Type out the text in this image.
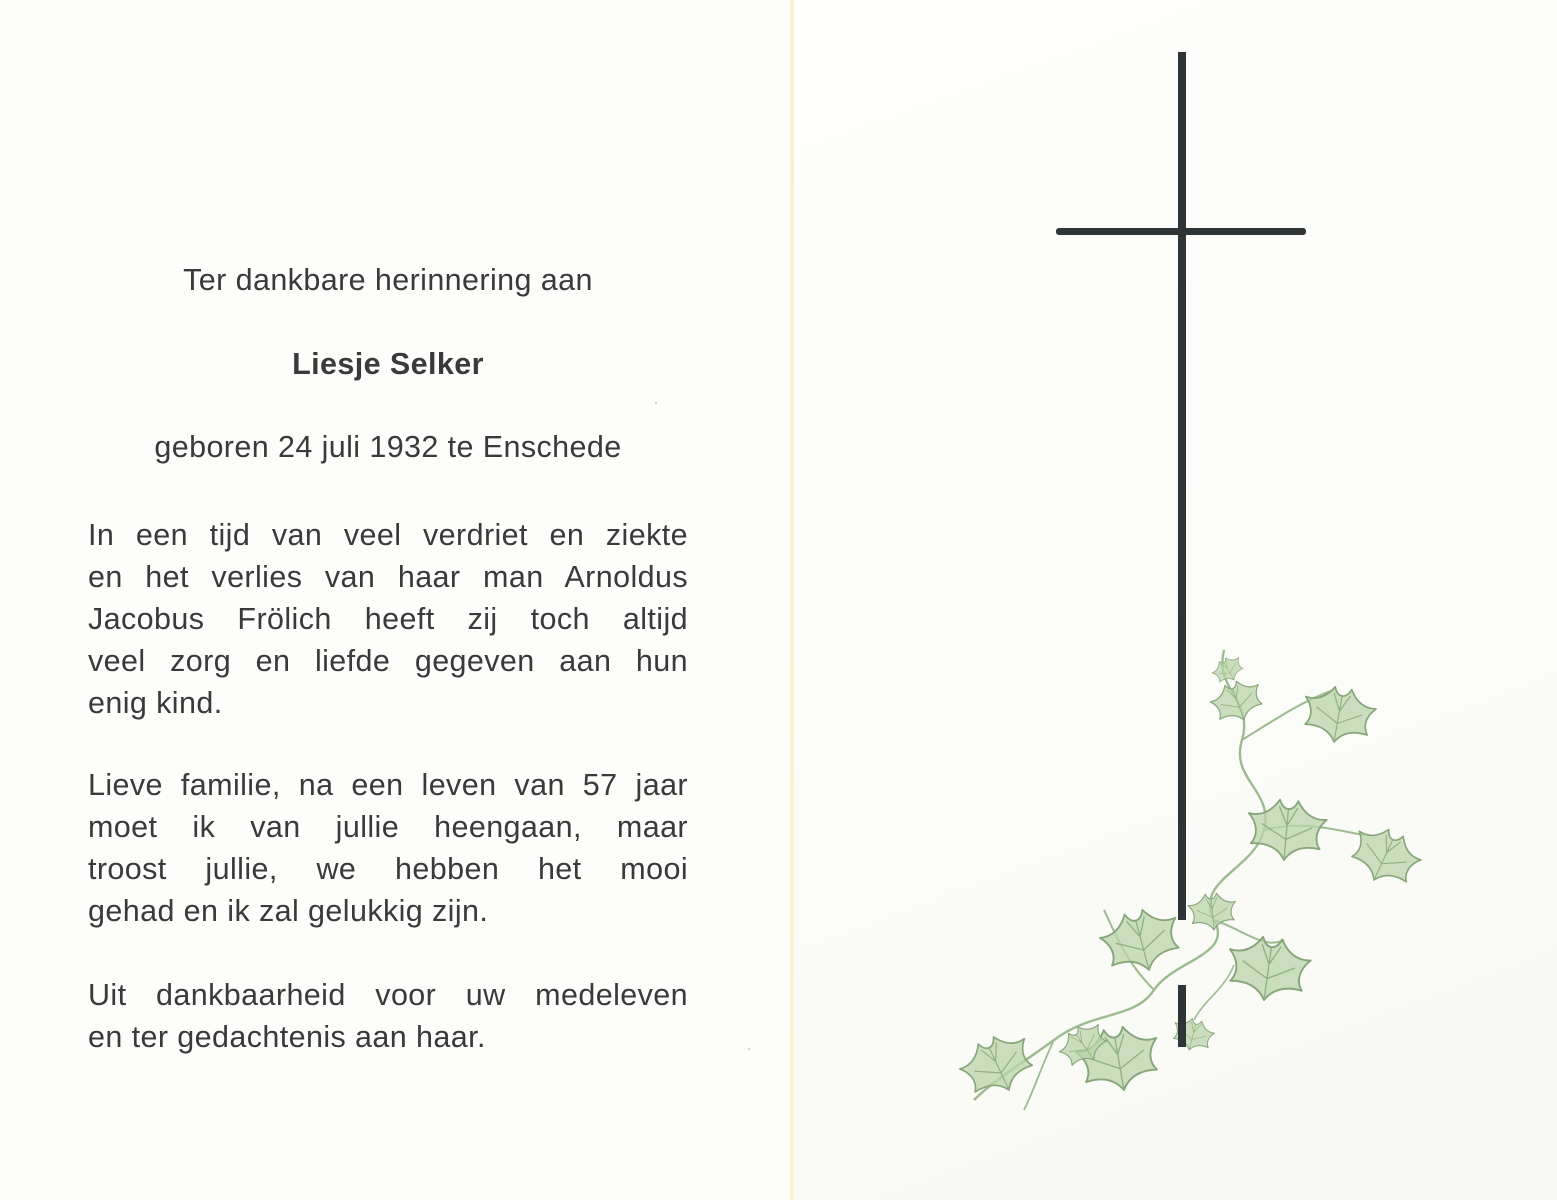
Ter dankbare herinnering aan
Liesje Selker
geboren 24 juli 1932 te Enschede
In een tijd van veel verdriet en ziekte
en het verlies van haar man Arnoldus
Jacobus Frölich heeft zij toch altijd
veel zorg en liefde gegeven aan hun
enig kind.
Lieve familie, na een leven van 57 jaar
moet ik van jullie heengaan, maar
troost jullie, we hebben het mooi
gehad en ik zal gelukkig zijn.
Uit dankbaarheid voor uw medeleven
en ter gedachtenis aan haar.
